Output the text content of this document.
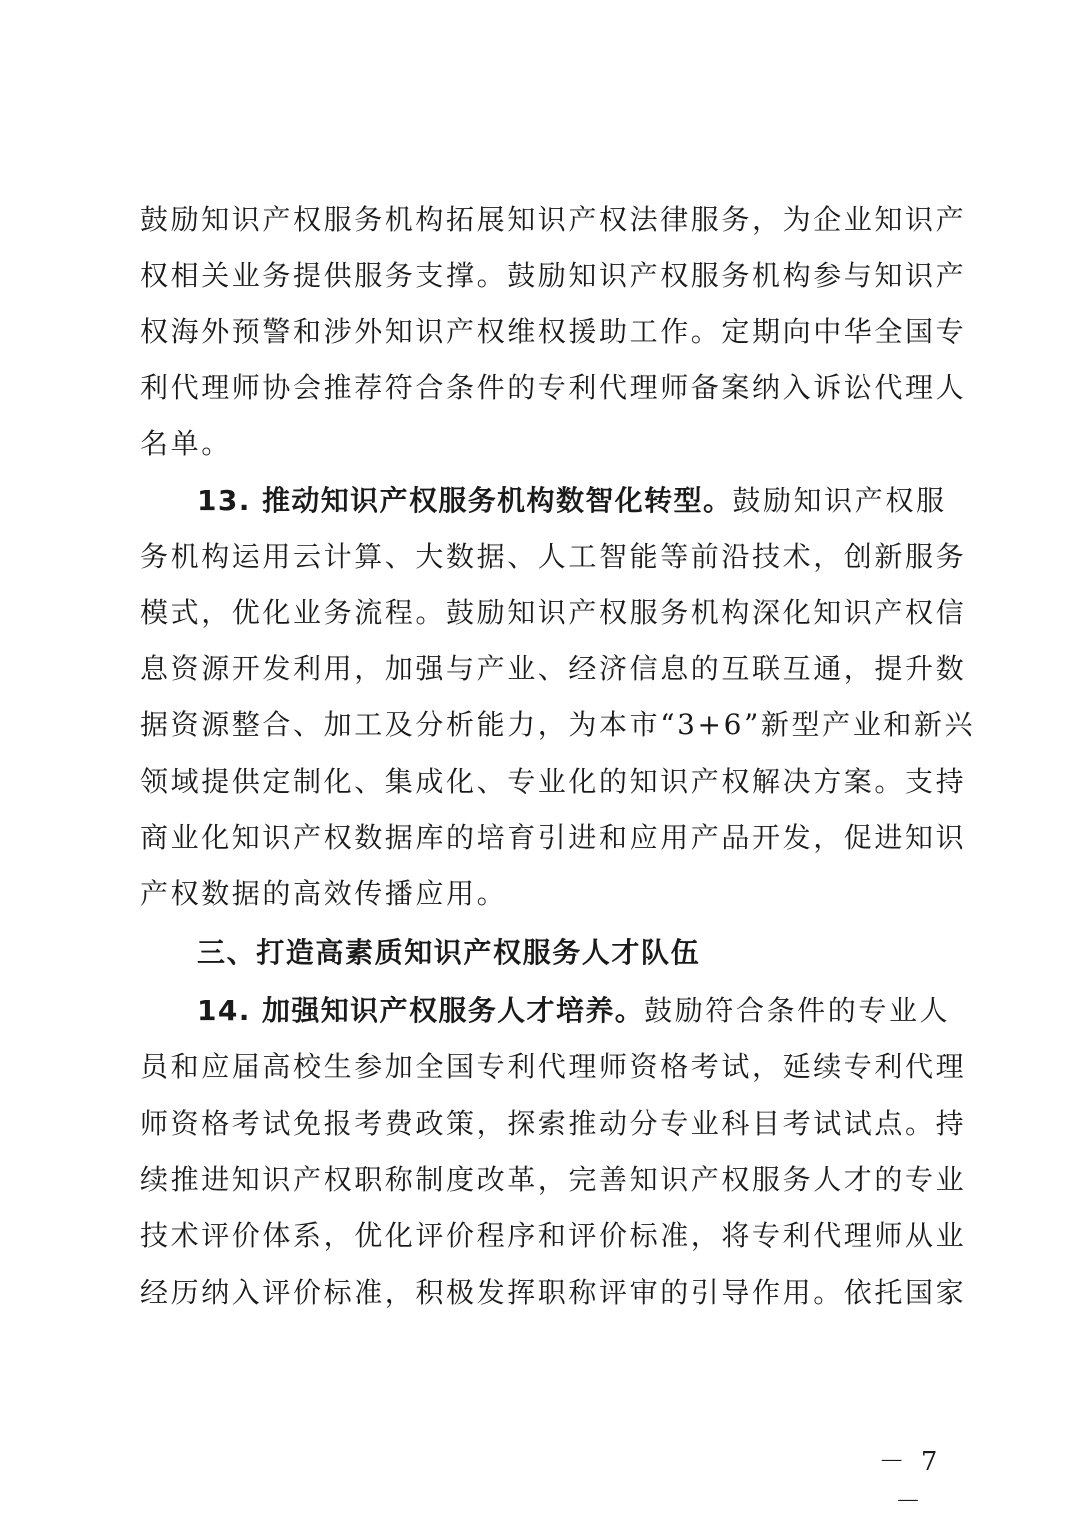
鼓励知识产权服务机构拓展知识产权法律服务，为企业知识产
权相关业务提供服务支撑。鼓励知识产权服务机构参与知识产
权海外预警和涉外知识产权维权援助工作。定期向中华全国专
利代理师协会推荐符合条件的专利代理师备案纳入诉讼代理人
名单。
13. 推动知识产权服务机构数智化转型。鼓励知识产权服
务机构运用云计算、大数据、人工智能等前沿技术，创新服务
模式，优化业务流程。鼓励知识产权服务机构深化知识产权信
息资源开发利用，加强与产业、经济信息的互联互通，提升数
据资源整合、加工及分析能力，为本市“3+6”新型产业和新兴
领域提供定制化、集成化、专业化的知识产权解决方案。支持
商业化知识产权数据库的培育引进和应用产品开发，促进知识
产权数据的高效传播应用。
三、打造高素质知识产权服务人才队伍
14. 加强知识产权服务人才培养。鼓励符合条件的专业人
员和应届高校生参加全国专利代理师资格考试，延续专利代理
师资格考试免报考费政策，探索推动分专业科目考试试点。持
续推进知识产权职称制度改革，完善知识产权服务人才的专业
技术评价体系，优化评价程序和评价标准，将专利代理师从业
经历纳入评价标准，积极发挥职称评审的引导作用。依托国家
－ 7 －
